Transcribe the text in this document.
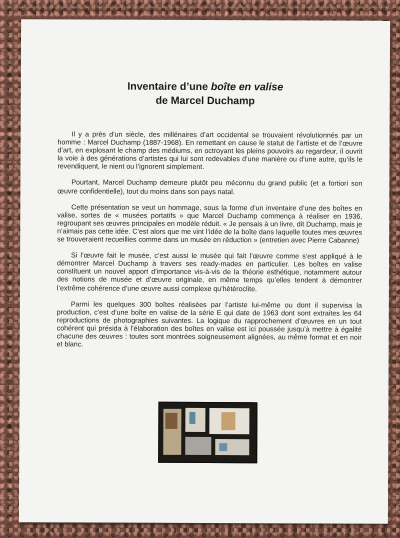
Inventaire d’une boîte en valise
de Marcel Duchamp

Il y a près d’un siècle, des millénaires d’art occidental se trouvaient révolutionnés par un homme : Marcel Duchamp (1887-1968). En remettant en cause le statut de l’artiste et de l’œuvre d’art, en explosant le champ des médiums, en octroyant les pleins pouvoirs au regardeur, il ouvrit la voie à des générations d’artistes qui lui sont redevables d’une manière ou d’une autre, qu’ils le revendiquent, le nient ou l’ignorent simplement.

Pourtant, Marcel Duchamp demeure plutôt peu méconnu du grand public (et a fortiori son œuvre confidentielle), tout du moins dans son pays natal.

Cette présentation se veut un hommage, sous la forme d’un inventaire d’une des boîtes en valise, sortes de « musées portatifs » que Marcel Duchamp commença à réaliser en 1936, regroupant ses œuvres principales en modèle réduit. « Je pensais à un livre, dit Duchamp, mais je n’aimais pas cette idée. C’est alors que me vint l’idée de la boîte dans laquelle toutes mes œuvres se trouveraient recueillies comme dans un musée en réduction » (entretien avec Pierre Cabanne)

Si l’œuvre fait le musée, c’est aussi le musée qui fait l’œuvre comme s’est appliqué à le démontrer Marcel Duchamp à travers ses ready-mades en particulier. Les boîtes en valise constituent un nouvel apport d’importance vis-à-vis de la théorie esthétique, notamment autour des notions de musée et d’œuvre originale, en même temps qu’elles tendent à démontrer l’extrême cohérence d’une œuvre aussi complexe qu’hétéroclite.

Parmi les quelques 300 boîtes réalisées par l’artiste lui-même ou dont il supervisa la production, c’est d’une boîte en valise de la série E qui date de 1963 dont sont extraites les 64 reproductions de photographies suivantes. La logique du rapprochement d’œuvres en un tout cohérent qui présida à l’élaboration des boîtes en valise est ici poussée jusqu’à mettre à égalité chacune des œuvres : toutes sont montrées soigneusement alignées, au même format et en noir et blanc.
